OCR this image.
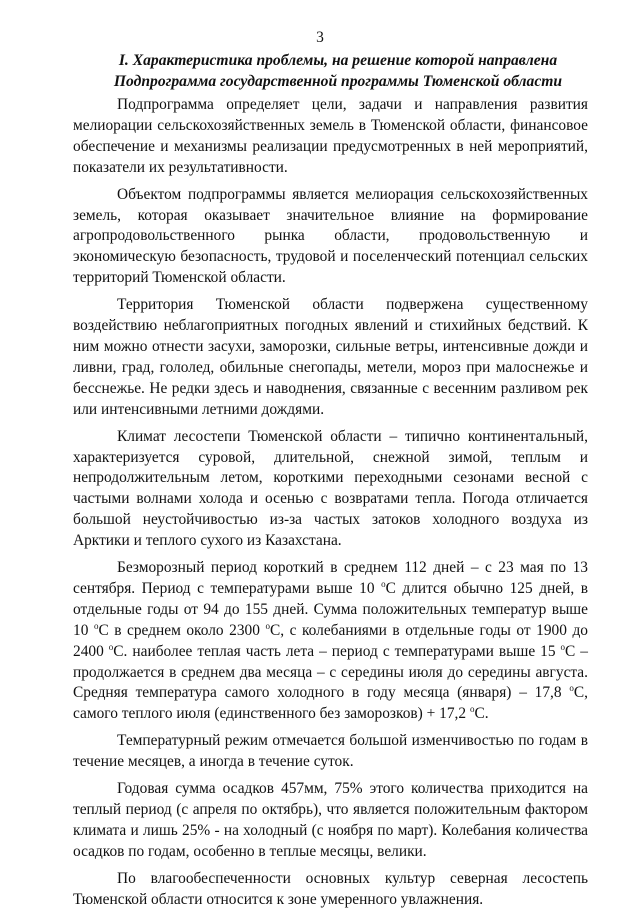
3
I. Характеристика проблемы, на решение которой направлена
Подпрограмма государственной программы Тюменской области

Подпрограмма определяет цели, задачи и направления развития мелиорации сельскохозяйственных земель в Тюменской области, финансовое обеспечение и механизмы реализации предусмотренных в ней мероприятий, показатели их результативности.

Объектом подпрограммы является мелиорация сельскохозяйственных земель, которая оказывает значительное влияние на формирование агропродовольственного рынка области, продовольственную и экономическую безопасность, трудовой и поселенческий потенциал сельских территорий Тюменской области.

Территория Тюменской области подвержена существенному воздействию неблагоприятных погодных явлений и стихийных бедствий. К ним можно отнести засухи, заморозки, сильные ветры, интенсивные дожди и ливни, град, гололед, обильные снегопады, метели, мороз при малоснежье и бесснежье. Не редки здесь и наводнения, связанные с весенним разливом рек или интенсивными летними дождями.

Климат лесостепи Тюменской области – типично континентальный, характеризуется суровой, длительной, снежной зимой, теплым и непродолжительным летом, короткими переходными сезонами весной с частыми волнами холода и осенью с возвратами тепла. Погода отличается большой неустойчивостью из-за частых затоков холодного воздуха из Арктики и теплого сухого из Казахстана.

Безморозный период короткий в среднем 112 дней – с 23 мая по 13 сентября. Период с температурами выше 10 $^о$С длится обычно 125 дней, в отдельные годы от 94 до 155 дней. Сумма положительных температур выше 10 $^о$С в среднем около 2300 $^о$С, с колебаниями в отдельные годы от 1900 до 2400 $^о$С. наиболее теплая часть лета – период с температурами выше 15 $^о$С – продолжается в среднем два месяца – с середины июля до середины августа. Средняя температура самого холодного в году месяца (января) – 17,8 $^о$С, самого теплого июля (единственного без заморозков) + 17,2 $^о$С.

Температурный режим отмечается большой изменчивостью по годам в течение месяцев, а иногда в течение суток.

Годовая сумма осадков 457мм, 75% этого количества приходится на теплый период (с апреля по октябрь), что является положительным фактором климата и лишь 25% - на холодный (с ноября по март). Колебания количества осадков по годам, особенно в теплые месяцы, велики.

По влагообеспеченности основных культур северная лесостепь Тюменской области относится к зоне умеренного увлажнения.
